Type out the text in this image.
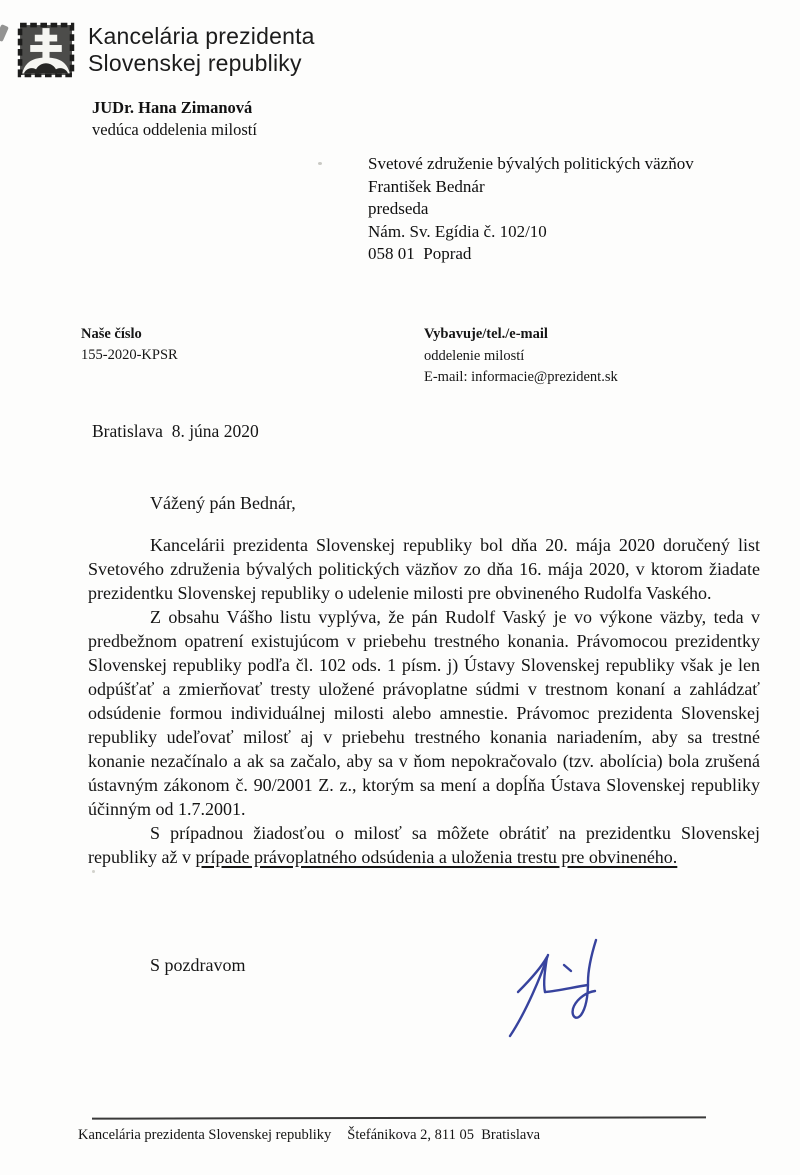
Kancelária prezidenta
Slovenskej republiky
JUDr. Hana Zimanová
vedúca oddelenia milostí
Svetové združenie bývalých politických väzňov
František Bednár
predseda
Nám. Sv. Egídia č. 102/10
058 01  Poprad
Naše číslo
155-2020-KPSR
Vybavuje/tel./e-mail
oddelenie milostí
E-mail: informacie@prezident.sk
Bratislava  8. júna 2020
Vážený pán Bednár,

Kancelárii prezidenta Slovenskej republiky bol dňa 20. mája 2020 doručený list Svetového združenia bývalých politických väzňov zo dňa 16. mája 2020, v ktorom žiadate prezidentku Slovenskej republiky o udelenie milosti pre obvineného Rudolfa Vaského.

Z obsahu Vášho listu vyplýva, že pán Rudolf Vaský je vo výkone väzby, teda v predbežnom opatrení existujúcom v priebehu trestného konania. Právomocou prezidentky Slovenskej republiky podľa čl. 102 ods. 1 písm. j) Ústavy Slovenskej republiky však je len odpúšťať a zmierňovať tresty uložené právoplatne súdmi v trestnom konaní a zahládzať odsúdenie formou individuálnej milosti alebo amnestie. Právomoc prezidenta Slovenskej republiky udeľovať milosť aj v priebehu trestného konania nariadením, aby sa trestné konanie nezačínalo a ak sa začalo, aby sa v ňom nepokračovalo (tzv. abolícia) bola zrušená ústavným zákonom č. 90/2001 Z. z., ktorým sa mení a dopĺňa Ústava Slovenskej republiky účinným od 1.7.2001.

S prípadnou žiadosťou o milosť sa môžete obrátiť na prezidentku Slovenskej republiky až v prípade právoplatného odsúdenia a uloženia trestu pre obvineného.

S pozdravom
Kancelária prezidenta Slovenskej republiky Štefánikova 2, 811 05  Bratislava
